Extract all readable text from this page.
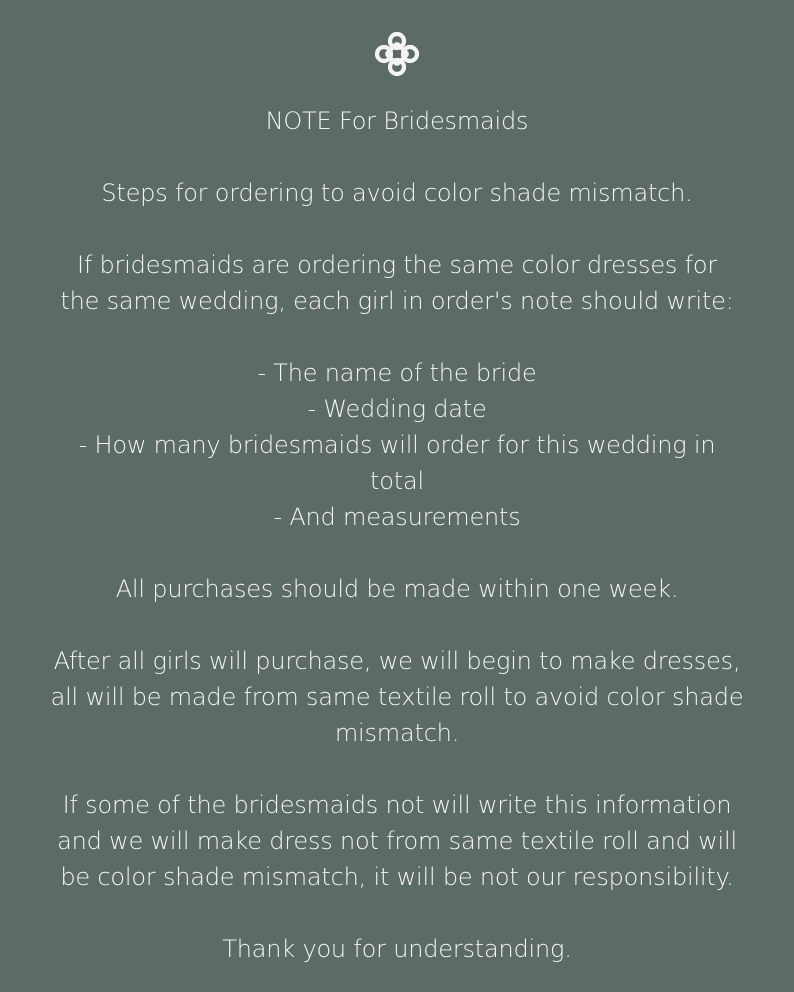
NOTE For Bridesmaids

Steps for ordering to avoid color shade mismatch.

If bridesmaids are ordering the same color dresses for
the same wedding, each girl in order's note should write:

- The name of the bride
- Wedding date
- How many bridesmaids will order for this wedding in
total
- And measurements

All purchases should be made within one week.

After all girls will purchase, we will begin to make dresses,
all will be made from same textile roll to avoid color shade
mismatch.

If some of the bridesmaids not will write this information
and we will make dress not from same textile roll and will
be color shade mismatch, it will be not our responsibility.

Thank you for understanding.
